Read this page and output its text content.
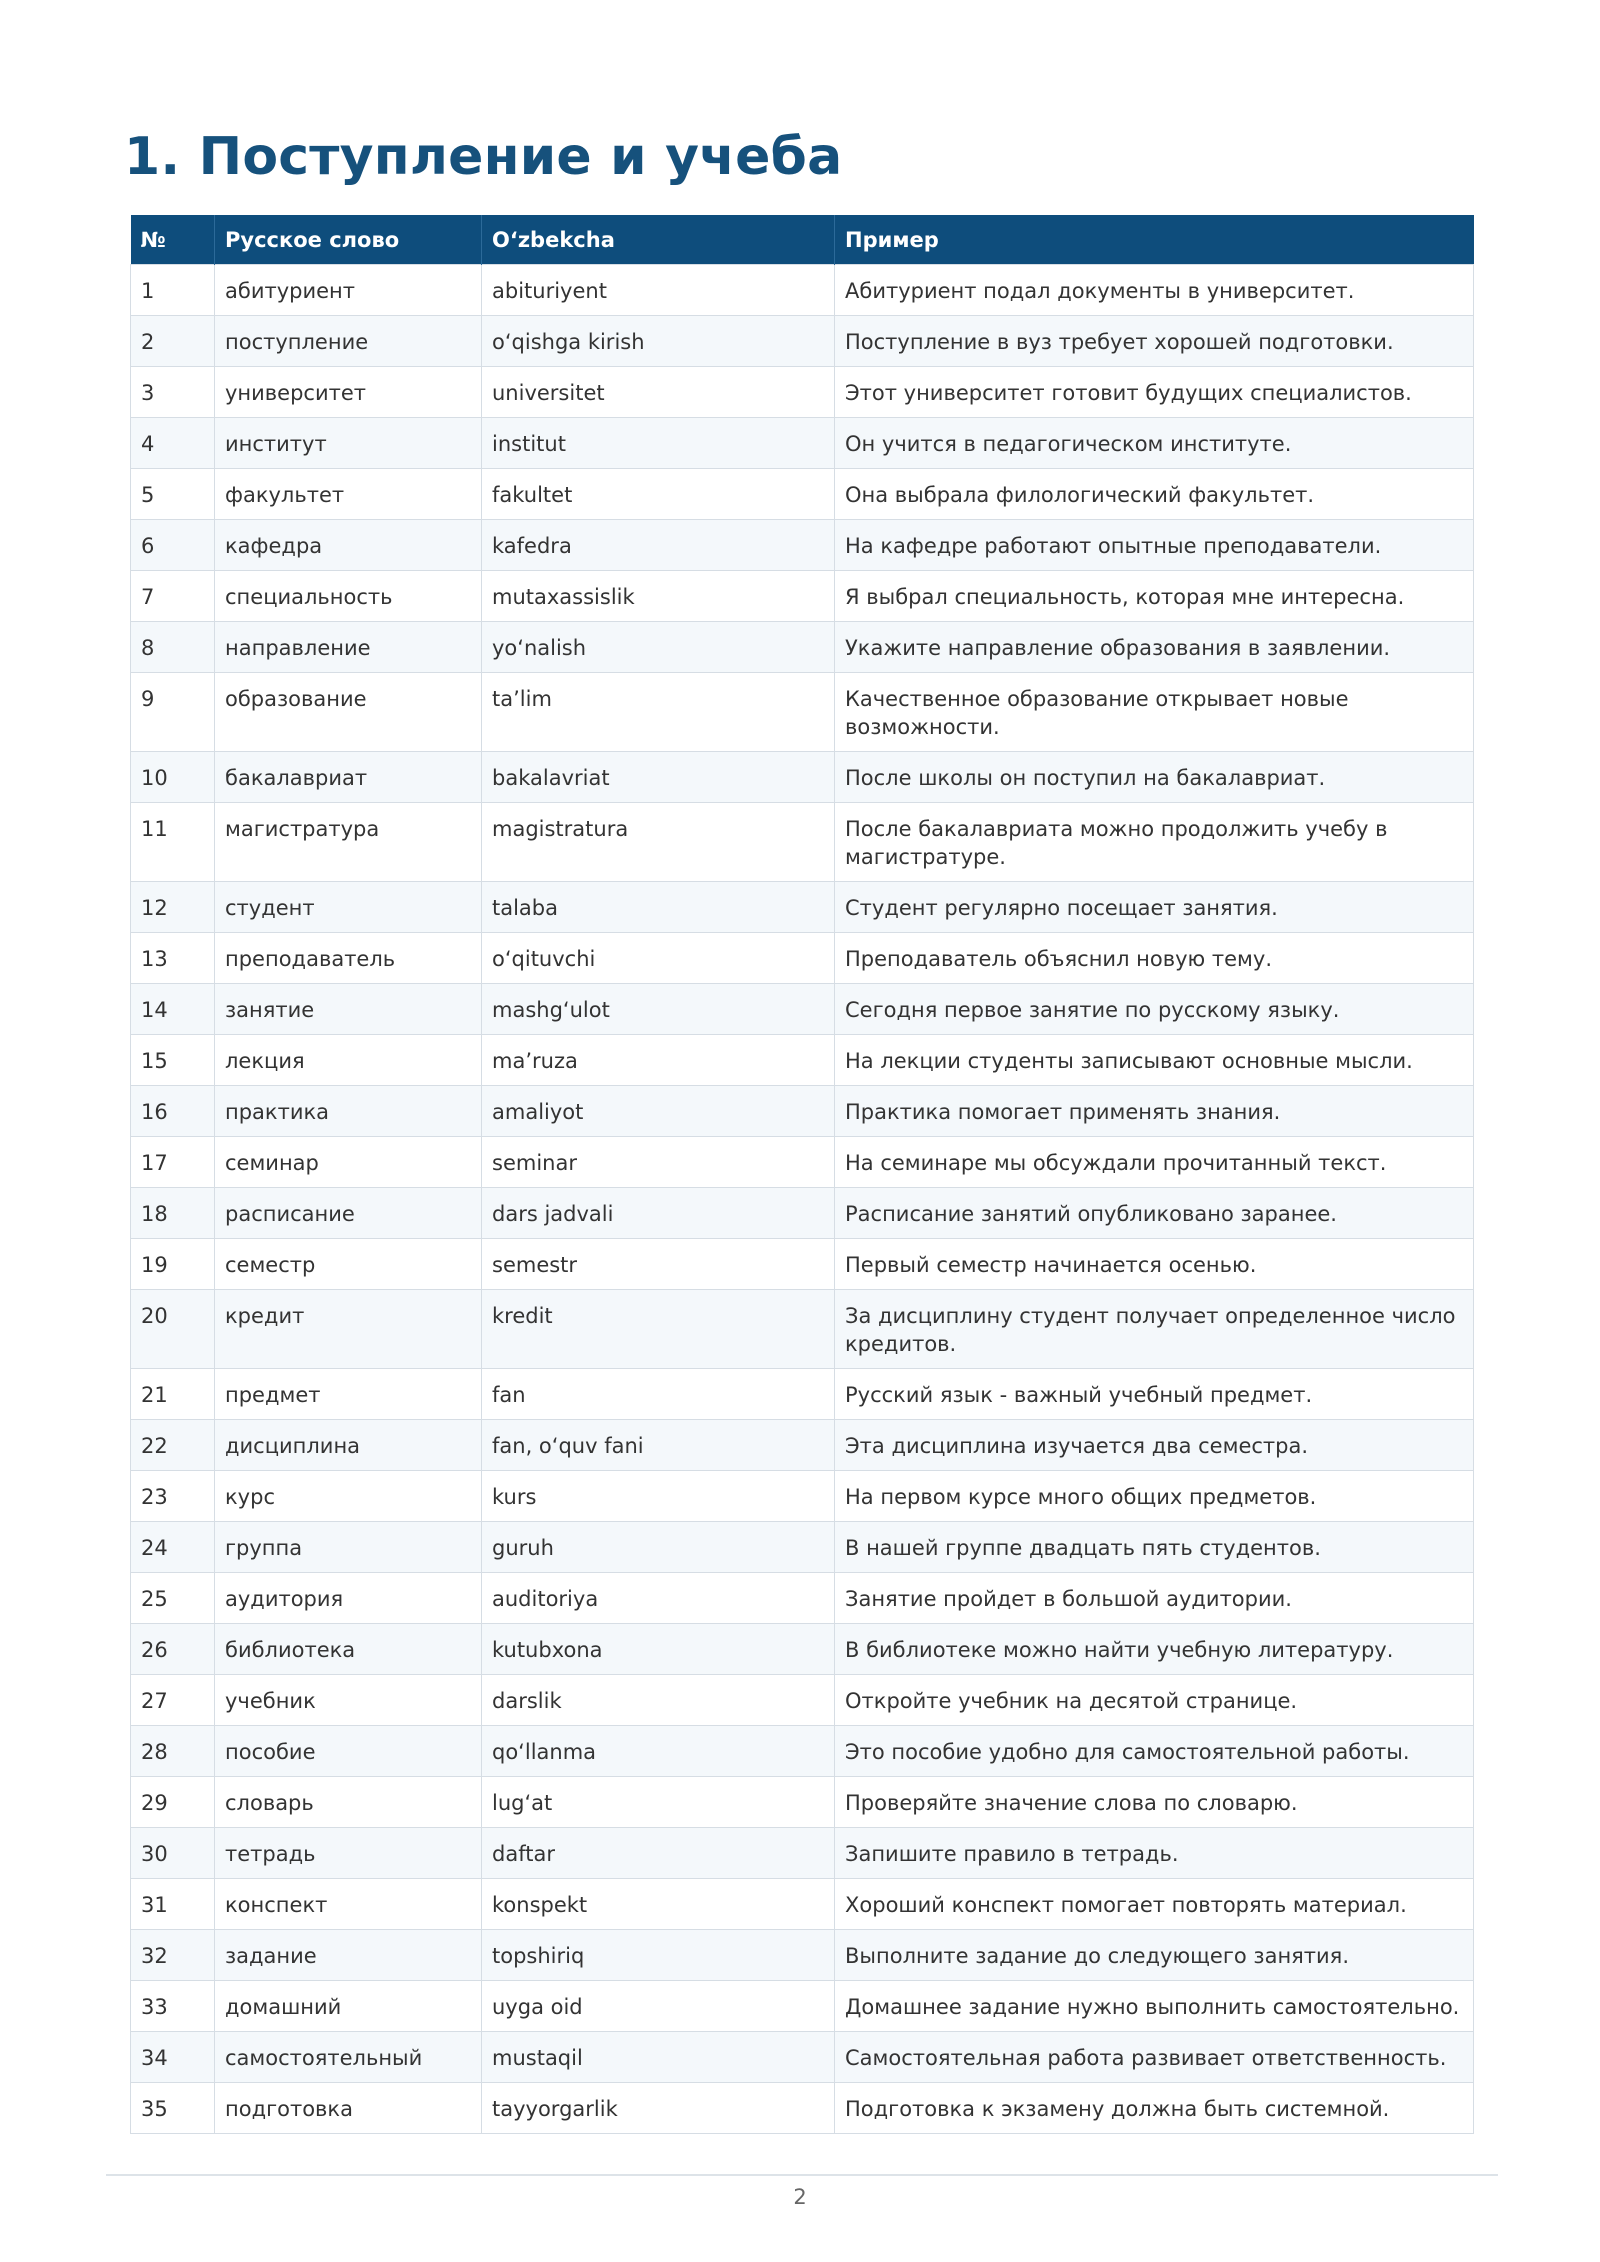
1. Поступление и учеба
№	Русское слово	O‘zbekcha	Пример
1	абитуриент	abituriyent	Абитуриент подал документы в университет.
2	поступление	o‘qishga kirish	Поступление в вуз требует хорошей подготовки.
3	университет	universitet	Этот университет готовит будущих специалистов.
4	институт	institut	Он учится в педагогическом институте.
5	факультет	fakultet	Она выбрала филологический факультет.
6	кафедра	kafedra	На кафедре работают опытные преподаватели.
7	специальность	mutaxassislik	Я выбрал специальность, которая мне интересна.
8	направление	yo‘nalish	Укажите направление образования в заявлении.
9	образование	ta’lim	Качественное образование открывает новые возможности.
10	бакалавриат	bakalavriat	После школы он поступил на бакалавриат.
11	магистратура	magistratura	После бакалавриата можно продолжить учебу в магистратуре.
12	студент	talaba	Студент регулярно посещает занятия.
13	преподаватель	o‘qituvchi	Преподаватель объяснил новую тему.
14	занятие	mashg‘ulot	Сегодня первое занятие по русскому языку.
15	лекция	ma’ruza	На лекции студенты записывают основные мысли.
16	практика	amaliyot	Практика помогает применять знания.
17	семинар	seminar	На семинаре мы обсуждали прочитанный текст.
18	расписание	dars jadvali	Расписание занятий опубликовано заранее.
19	семестр	semestr	Первый семестр начинается осенью.
20	кредит	kredit	За дисциплину студент получает определенное число кредитов.
21	предмет	fan	Русский язык - важный учебный предмет.
22	дисциплина	fan, o‘quv fani	Эта дисциплина изучается два семестра.
23	курс	kurs	На первом курсе много общих предметов.
24	группа	guruh	В нашей группе двадцать пять студентов.
25	аудитория	auditoriya	Занятие пройдет в большой аудитории.
26	библиотека	kutubxona	В библиотеке можно найти учебную литературу.
27	учебник	darslik	Откройте учебник на десятой странице.
28	пособие	qo‘llanma	Это пособие удобно для самостоятельной работы.
29	словарь	lug‘at	Проверяйте значение слова по словарю.
30	тетрадь	daftar	Запишите правило в тетрадь.
31	конспект	konspekt	Хороший конспект помогает повторять материал.
32	задание	topshiriq	Выполните задание до следующего занятия.
33	домашний	uyga oid	Домашнее задание нужно выполнить самостоятельно.
34	самостоятельный	mustaqil	Самостоятельная работа развивает ответственность.
35	подготовка	tayyorgarlik	Подготовка к экзамену должна быть системной.
2
